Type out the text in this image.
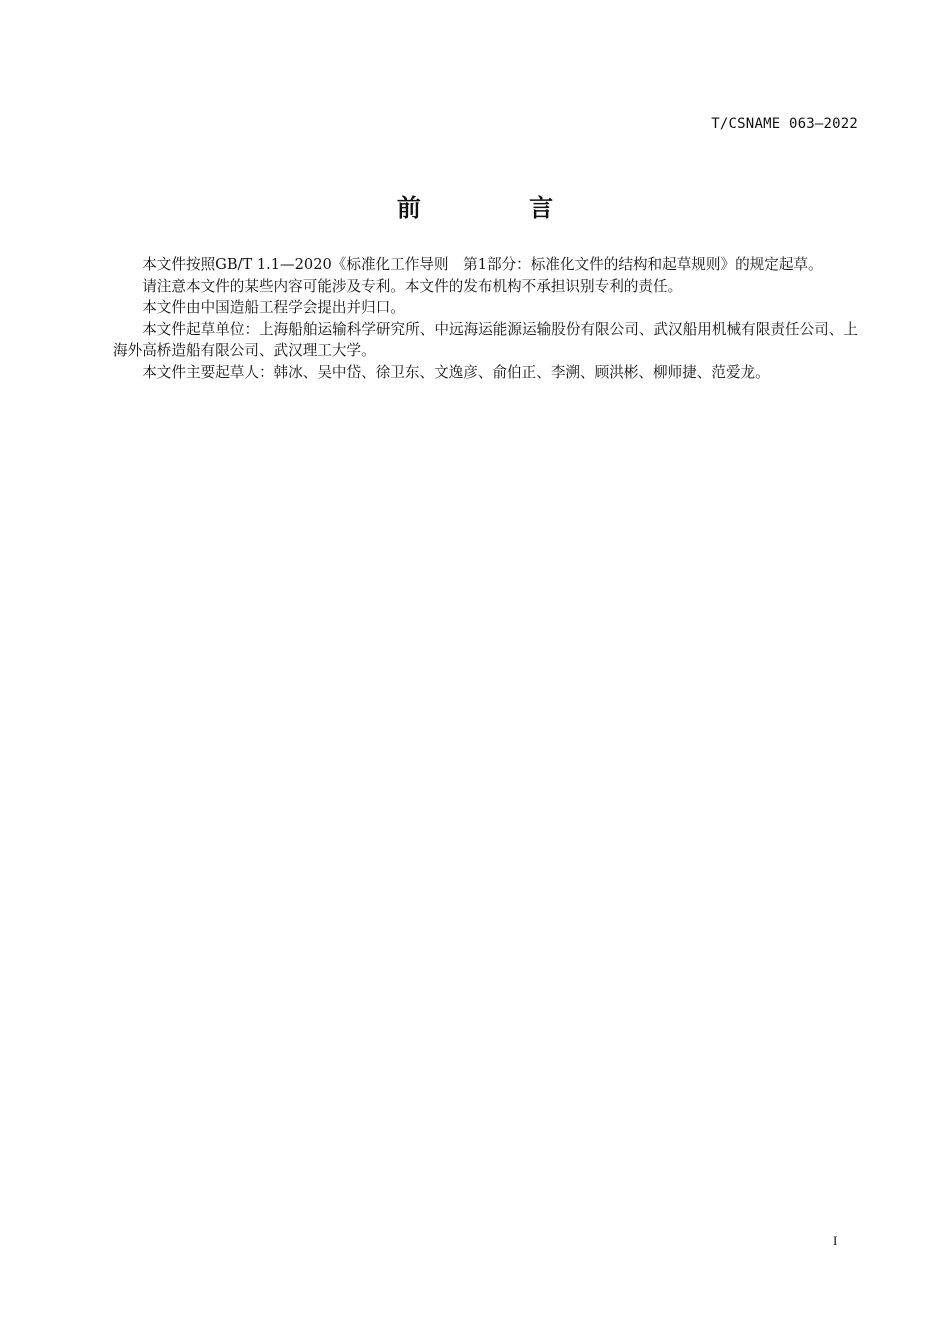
T/CSNAME 063—2022
前 言

本文件按照GB/T 1.1—2020《标准化工作导则　第1部分：标准化文件的结构和起草规则》的规定起草。

请注意本文件的某些内容可能涉及专利。本文件的发布机构不承担识别专利的责任。

本文件由中国造船工程学会提出并归口。

本文件起草单位：上海船舶运输科学研究所、中远海运能源运输股份有限公司、武汉船用机械有限责任公司、上海外高桥造船有限公司、武汉理工大学。

本文件主要起草人：韩冰、吴中岱、徐卫东、文逸彦、俞伯正、李溯、顾洪彬、柳师捷、范爱龙。

I
